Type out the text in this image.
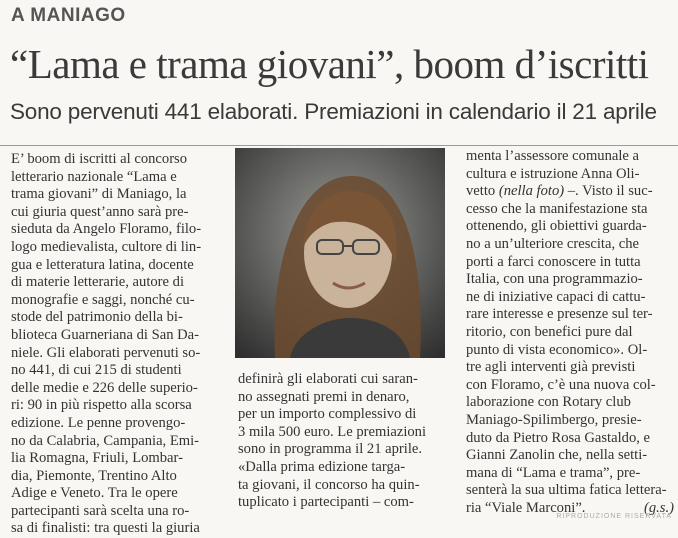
A MANIAGO
“Lama e trama giovani”, boom d’iscritti
Sono pervenuti 441 elaborati. Premiazioni in calendario il 21 aprile
E’ boom di iscritti al concorso
letterario nazionale “Lama e
trama giovani” di Maniago, la
cui giuria quest’anno sarà pre-
sieduta da Angelo Floramo, filo-
logo medievalista, cultore di lin-
gua e letteratura latina, docente
di materie letterarie, autore di
monografie e saggi, nonché cu-
stode del patrimonio della bi-
blioteca Guarneriana di San Da-
niele. Gli elaborati pervenuti so-
no 441, di cui 215 di studenti
delle medie e 226 delle superio-
ri: 90 in più rispetto alla scorsa
edizione. Le penne provengo-
no da Calabria, Campania, Emi-
lia Romagna, Friuli, Lombar-
dia, Piemonte, Trentino Alto
Adige e Veneto. Tra le opere
partecipanti sarà scelta una ro-
sa di finalisti: tra questi la giuria
definirà gli elaborati cui saran-
no assegnati premi in denaro,
per un importo complessivo di
3 mila 500 euro. Le premiazioni
sono in programma il 21 aprile.
«Dalla prima edizione targa-
ta giovani, il concorso ha quin-
tuplicato i partecipanti – com-
menta l’assessore comunale a
cultura e istruzione Anna Oli-
vetto (nella foto) –. Visto il suc-
cesso che la manifestazione sta
ottenendo, gli obiettivi guarda-
no a un’ulteriore crescita, che
porti a farci conoscere in tutta
Italia, con una programmazio-
ne di iniziative capaci di cattu-
rare interesse e presenze sul ter-
ritorio, con benefici pure dal
punto di vista economico». Ol-
tre agli interventi già previsti
con Floramo, c’è una nuova col-
laborazione con Rotary club
Maniago-Spilimbergo, presie-
duto da Pietro Rosa Gastaldo, e
Gianni Zanolin che, nella setti-
mana di “Lama e trama”, pre-
senterà la sua ultima fatica lettera-
ria “Viale Marconi”.	(g.s.)
RIPRODUZIONE RISERVATA
